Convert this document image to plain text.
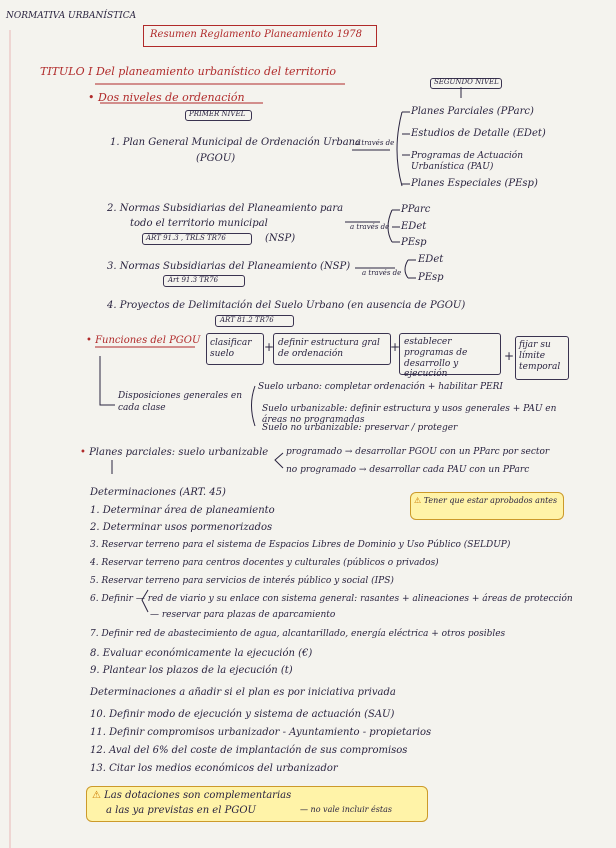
NORMATIVA URBANÍSTICA
Resumen Reglamento Planeamiento 1978
TITULO I Del planeamiento urbanístico del territorio
• Dos niveles de ordenación
SEGUNDO NIVEL
PRIMER NIVEL
1. Plan General Municipal de Ordenación Urbana
(PGOU)
a través de
Planes Parciales (PParc)
Estudios de Detalle (EDet)
Programas de Actuación Urbanística (PAU)
Planes Especiales (PEsp)
2. Normas Subsidiarias del Planeamiento para
todo el territorio municipal
ART 91.3 , TRLS TR76	(NSP)
a través de
PParc
EDet
PEsp
3. Normas Subsidiarias del Planeamiento (NSP)
Art 91.3 TR76
a través de
EDet
PEsp
4. Proyectos de Delimitación del Suelo Urbano (en ausencia de PGOU)
ART 81.2 TR76
• Funciones del PGOU clasificar suelo
definir estructura gral de ordenación
establecer programas de desarrollo y ejecución
fijar su límite temporal
+	+
+
Disposiciones generales en cada clase
Suelo urbano: completar ordenación + habilitar PERI
Suelo urbanizable: definir estructura y usos generales + PAU en áreas no programadas
Suelo no urbanizable: preservar / proteger
• Planes parciales: suelo urbanizable programado → desarrollar PGOU con un PParc por sector
no programado → desarrollar cada PAU con un PParc
Determinaciones (ART. 45)
⚠ Tener que estar aprobados antes
1. Determinar área de planeamiento
2. Determinar usos pormenorizados
3. Reservar terreno para el sistema de Espacios Libres de Dominio y Uso Público (SELDUP)
4. Reservar terreno para centros docentes y culturales (públicos o privados)
5. Reservar terreno para servicios de interés público y social (IPS)
6. Definir — red de viario y su enlace con sistema general: rasantes + alineaciones + áreas de protección
— reservar para plazas de aparcamiento
7. Definir red de abastecimiento de agua, alcantarillado, energía eléctrica + otros posibles
8. Evaluar económicamente la ejecución (€)
9. Plantear los plazos de la ejecución (t)
Determinaciones a añadir si el plan es por iniciativa privada
10. Definir modo de ejecución y sistema de actuación (SAU)
11. Definir compromisos urbanizador - Ayuntamiento - propietarios
12. Aval del 6% del coste de implantación de sus compromisos
13. Citar los medios económicos del urbanizador
⚠ Las dotaciones son complementarias
a las ya previstas en el PGOU	— no vale incluir éstas
